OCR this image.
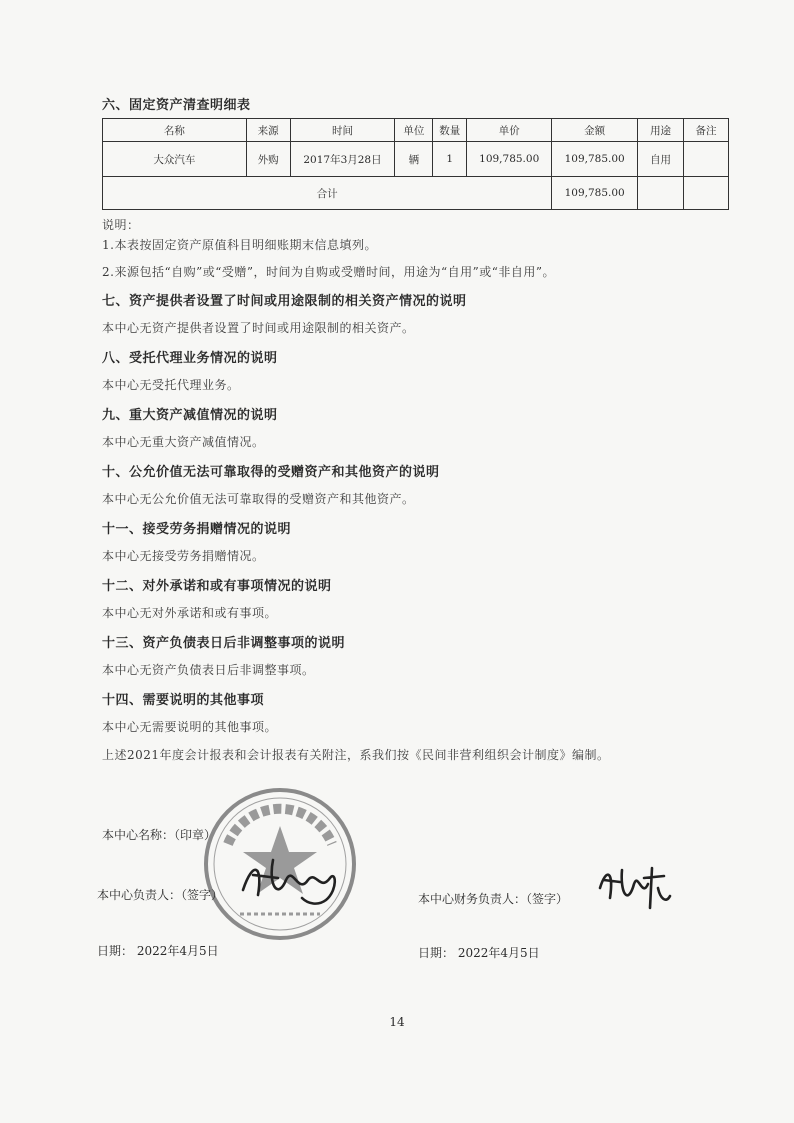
六、固定资产清查明细表
名称	来源	时间	单位	数量	单价	金额	用途	备注
大众汽车	外购	2017年3月28日	辆	1	109,785.00	109,785.00	自用	
合计						109,785.00		
说明：
1.本表按固定资产原值科目明细账期末信息填列。
2.来源包括“自购”或“受赠”，时间为自购或受赠时间，用途为“自用”或“非自用”。
七、资产提供者设置了时间或用途限制的相关资产情况的说明
本中心无资产提供者设置了时间或用途限制的相关资产。
八、受托代理业务情况的说明
本中心无受托代理业务。
九、重大资产减值情况的说明
本中心无重大资产减值情况。
十、公允价值无法可靠取得的受赠资产和其他资产的说明
本中心无公允价值无法可靠取得的受赠资产和其他资产。
十一、接受劳务捐赠情况的说明
本中心无接受劳务捐赠情况。
十二、对外承诺和或有事项情况的说明
本中心无对外承诺和或有事项。
十三、资产负债表日后非调整事项的说明
本中心无资产负债表日后非调整事项。
十四、需要说明的其他事项
本中心无需要说明的其他事项。
上述2021年度会计报表和会计报表有关附注，系我们按《民间非营利组织会计制度》编制。
本中心名称：（印章）
本中心负责人：（签字）	本中心财务负责人：（签字）
日期： 2022年4月5日	日期： 2022年4月5日
14
